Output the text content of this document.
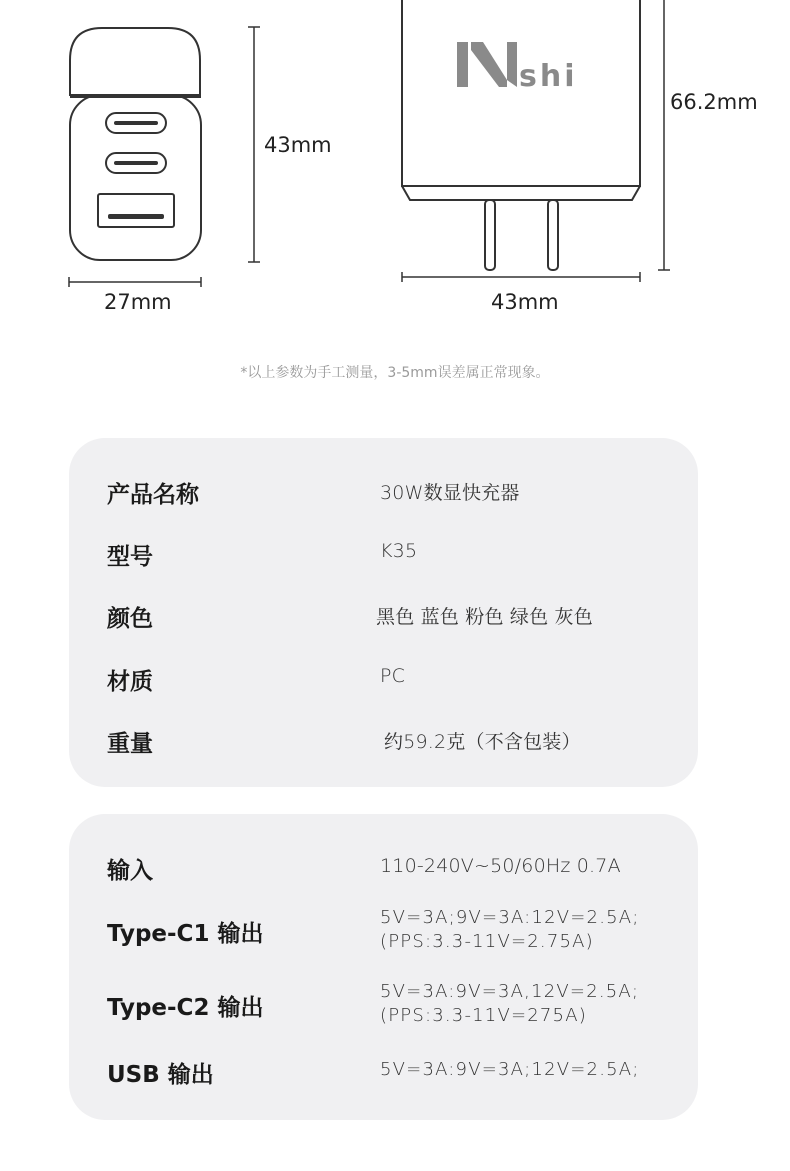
43mm
27mm
shi
66.2mm
43mm
*以上参数为手工测量，3-5mm误差属正常现象。
产品名称	30W数显快充器
型号	K35
颜色	黑色 蓝色 粉色 绿色 灰色
材质	PC
重量	约59.2克（不含包装）
输入	110-240V~50/60Hz 0.7A
Type-C1 输出
5V=3A;9V=3A:12V=2.5A;
(PPS:3.3-11V=2.75A)
Type-C2 输出
5V=3A:9V=3A,12V=2.5A;
(PPS:3.3-11V=275A)
USB 输出	5V=3A:9V=3A;12V=2.5A;
